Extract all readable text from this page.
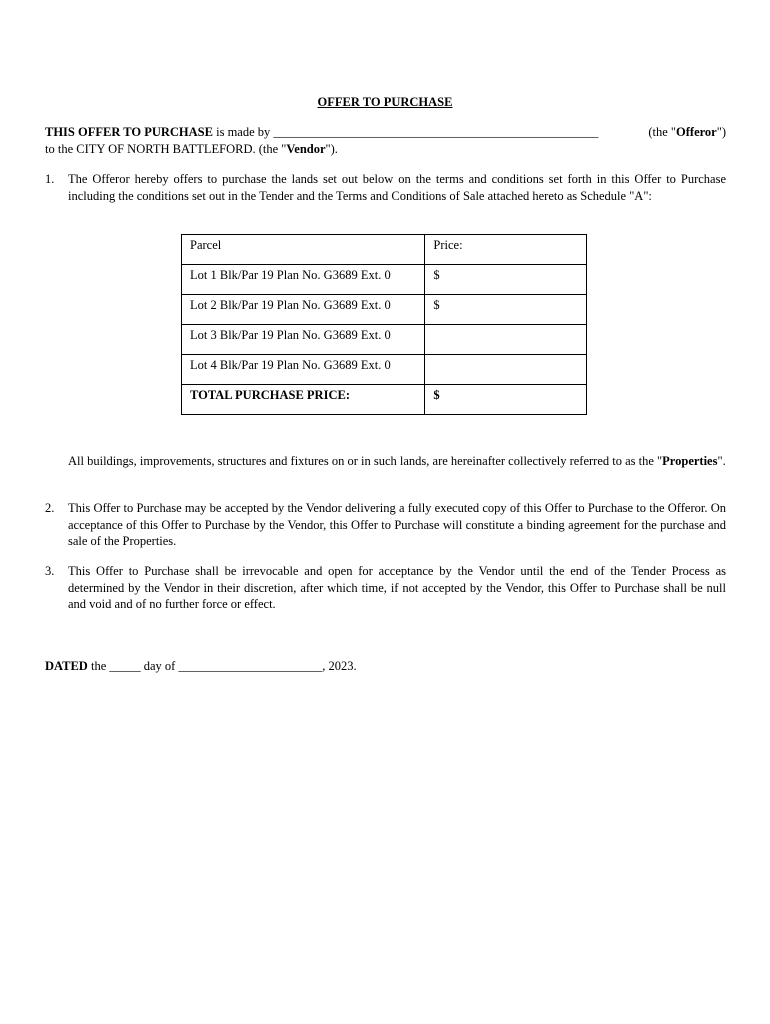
OFFER TO PURCHASE
THIS OFFER TO PURCHASE is made by ____________________________________________________	(the "Offeror")
to the CITY OF NORTH BATTLEFORD. (the "Vendor").
1.	The Offeror hereby offers to purchase the lands set out below on the terms and conditions set forth in this Offer to Purchase including the conditions set out in the Tender and the Terms and Conditions of Sale attached hereto as Schedule "A":
Parcel	Price:
Lot 1 Blk/Par 19 Plan No. G3689 Ext. 0	$
Lot 2 Blk/Par 19 Plan No. G3689 Ext. 0	$
Lot 3 Blk/Par 19 Plan No. G3689 Ext. 0	
Lot 4 Blk/Par 19 Plan No. G3689 Ext. 0	
TOTAL PURCHASE PRICE:	$
All buildings, improvements, structures and fixtures on or in such lands, are hereinafter collectively referred to as the "Properties".
2.	This Offer to Purchase may be accepted by the Vendor delivering a fully executed copy of this Offer to Purchase to the Offeror. On acceptance of this Offer to Purchase by the Vendor, this Offer to Purchase will constitute a binding agreement for the purchase and sale of the Properties.
3.	This Offer to Purchase shall be irrevocable and open for acceptance by the Vendor until the end of the Tender Process as determined by the Vendor in their discretion, after which time, if not accepted by the Vendor, this Offer to Purchase shall be null and void and of no further force or effect.
DATED the _____ day of _______________________, 2023.
